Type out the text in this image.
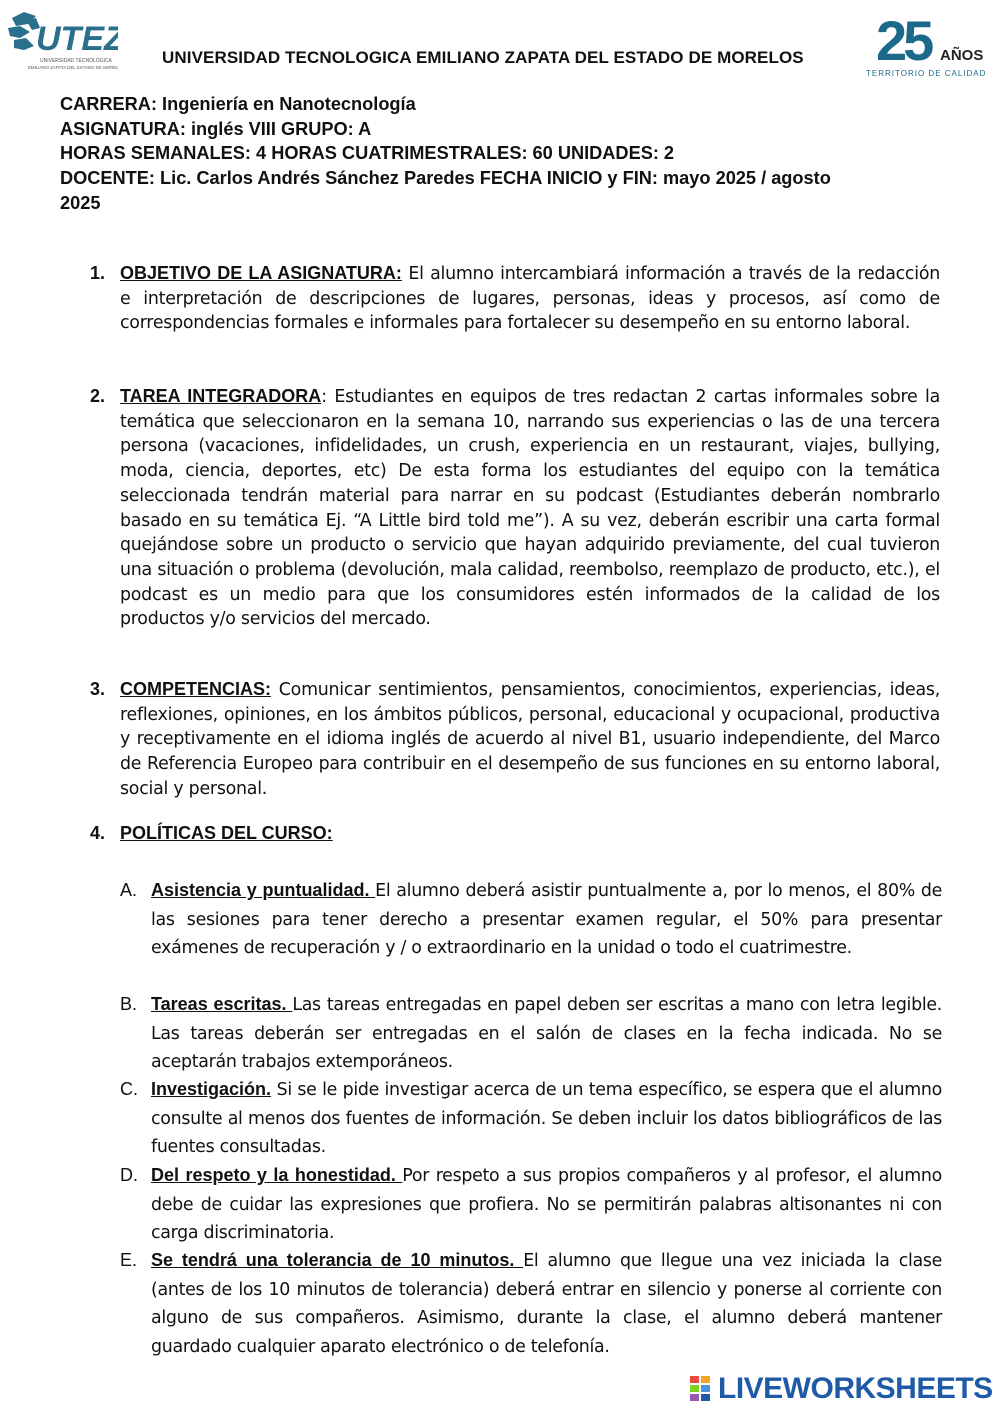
UTEZ
UNIVERSIDAD TECNOLÓGICA
EMILIANO ZAPATA DEL ESTADO DE MORELOS
UNIVERSIDAD TECNOLOGICA EMILIANO ZAPATA DEL ESTADO DE MORELOS 25 AÑOS
TERRITORIO DE CALIDAD
CARRERA: Ingeniería en Nanotecnología
ASIGNATURA: inglés VIII GRUPO: A
HORAS SEMANALES: 4 HORAS CUATRIMESTRALES: 60 UNIDADES: 2
DOCENTE: Lic. Carlos Andrés Sánchez Paredes FECHA INICIO y FIN: mayo 2025 / agosto
2025
1. OBJETIVO DE LA ASIGNATURA: El alumno intercambiará información a través de la redacción e interpretación de descripciones de lugares, personas, ideas y procesos, así como de correspondencias formales e informales para fortalecer su desempeño en su entorno laboral.
2. TAREA INTEGRADORA: Estudiantes en equipos de tres redactan 2 cartas informales sobre la temática que seleccionaron en la semana 10, narrando sus experiencias o las de una tercera persona (vacaciones, infidelidades, un crush, experiencia en un restaurant, viajes, bullying, moda, ciencia, deportes, etc) De esta forma los estudiantes del equipo con la temática seleccionada tendrán material para narrar en su podcast (Estudiantes deberán nombrarlo basado en su temática Ej. “A Little bird told me”). A su vez, deberán escribir una carta formal quejándose sobre un producto o servicio que hayan adquirido previamente, del cual tuvieron una situación o problema (devolución, mala calidad, reembolso, reemplazo de producto, etc.), el podcast es un medio para que los consumidores estén informados de la calidad de los productos y/o servicios del mercado.
3. COMPETENCIAS: Comunicar sentimientos, pensamientos, conocimientos, experiencias, ideas, reflexiones, opiniones, en los ámbitos públicos, personal, educacional y ocupacional, productiva y receptivamente en el idioma inglés de acuerdo al nivel B1, usuario independiente, del Marco de Referencia Europeo para contribuir en el desempeño de sus funciones en su entorno laboral, social y personal.
4. POLÍTICAS DEL CURSO:
A. Asistencia y puntualidad. El alumno deberá asistir puntualmente a, por lo menos, el 80% de las sesiones para tener derecho a presentar examen regular, el 50% para presentar exámenes de recuperación y / o extraordinario en la unidad o todo el cuatrimestre.
B. Tareas escritas. Las tareas entregadas en papel deben ser escritas a mano con letra legible. Las tareas deberán ser entregadas en el salón de clases en la fecha indicada. No se aceptarán trabajos extemporáneos.
C. Investigación. Si se le pide investigar acerca de un tema específico, se espera que el alumno consulte al menos dos fuentes de información. Se deben incluir los datos bibliográficos de las fuentes consultadas.
D. Del respeto y la honestidad. Por respeto a sus propios compañeros y al profesor, el alumno debe de cuidar las expresiones que profiera. No se permitirán palabras altisonantes ni con carga discriminatoria.
E. Se tendrá una tolerancia de 10 minutos. El alumno que llegue una vez iniciada la clase (antes de los 10 minutos de tolerancia) deberá entrar en silencio y ponerse al corriente con alguno de sus compañeros. Asimismo, durante la clase, el alumno deberá mantener guardado cualquier aparato electrónico o de telefonía.
LIVEWORKSHEETS
